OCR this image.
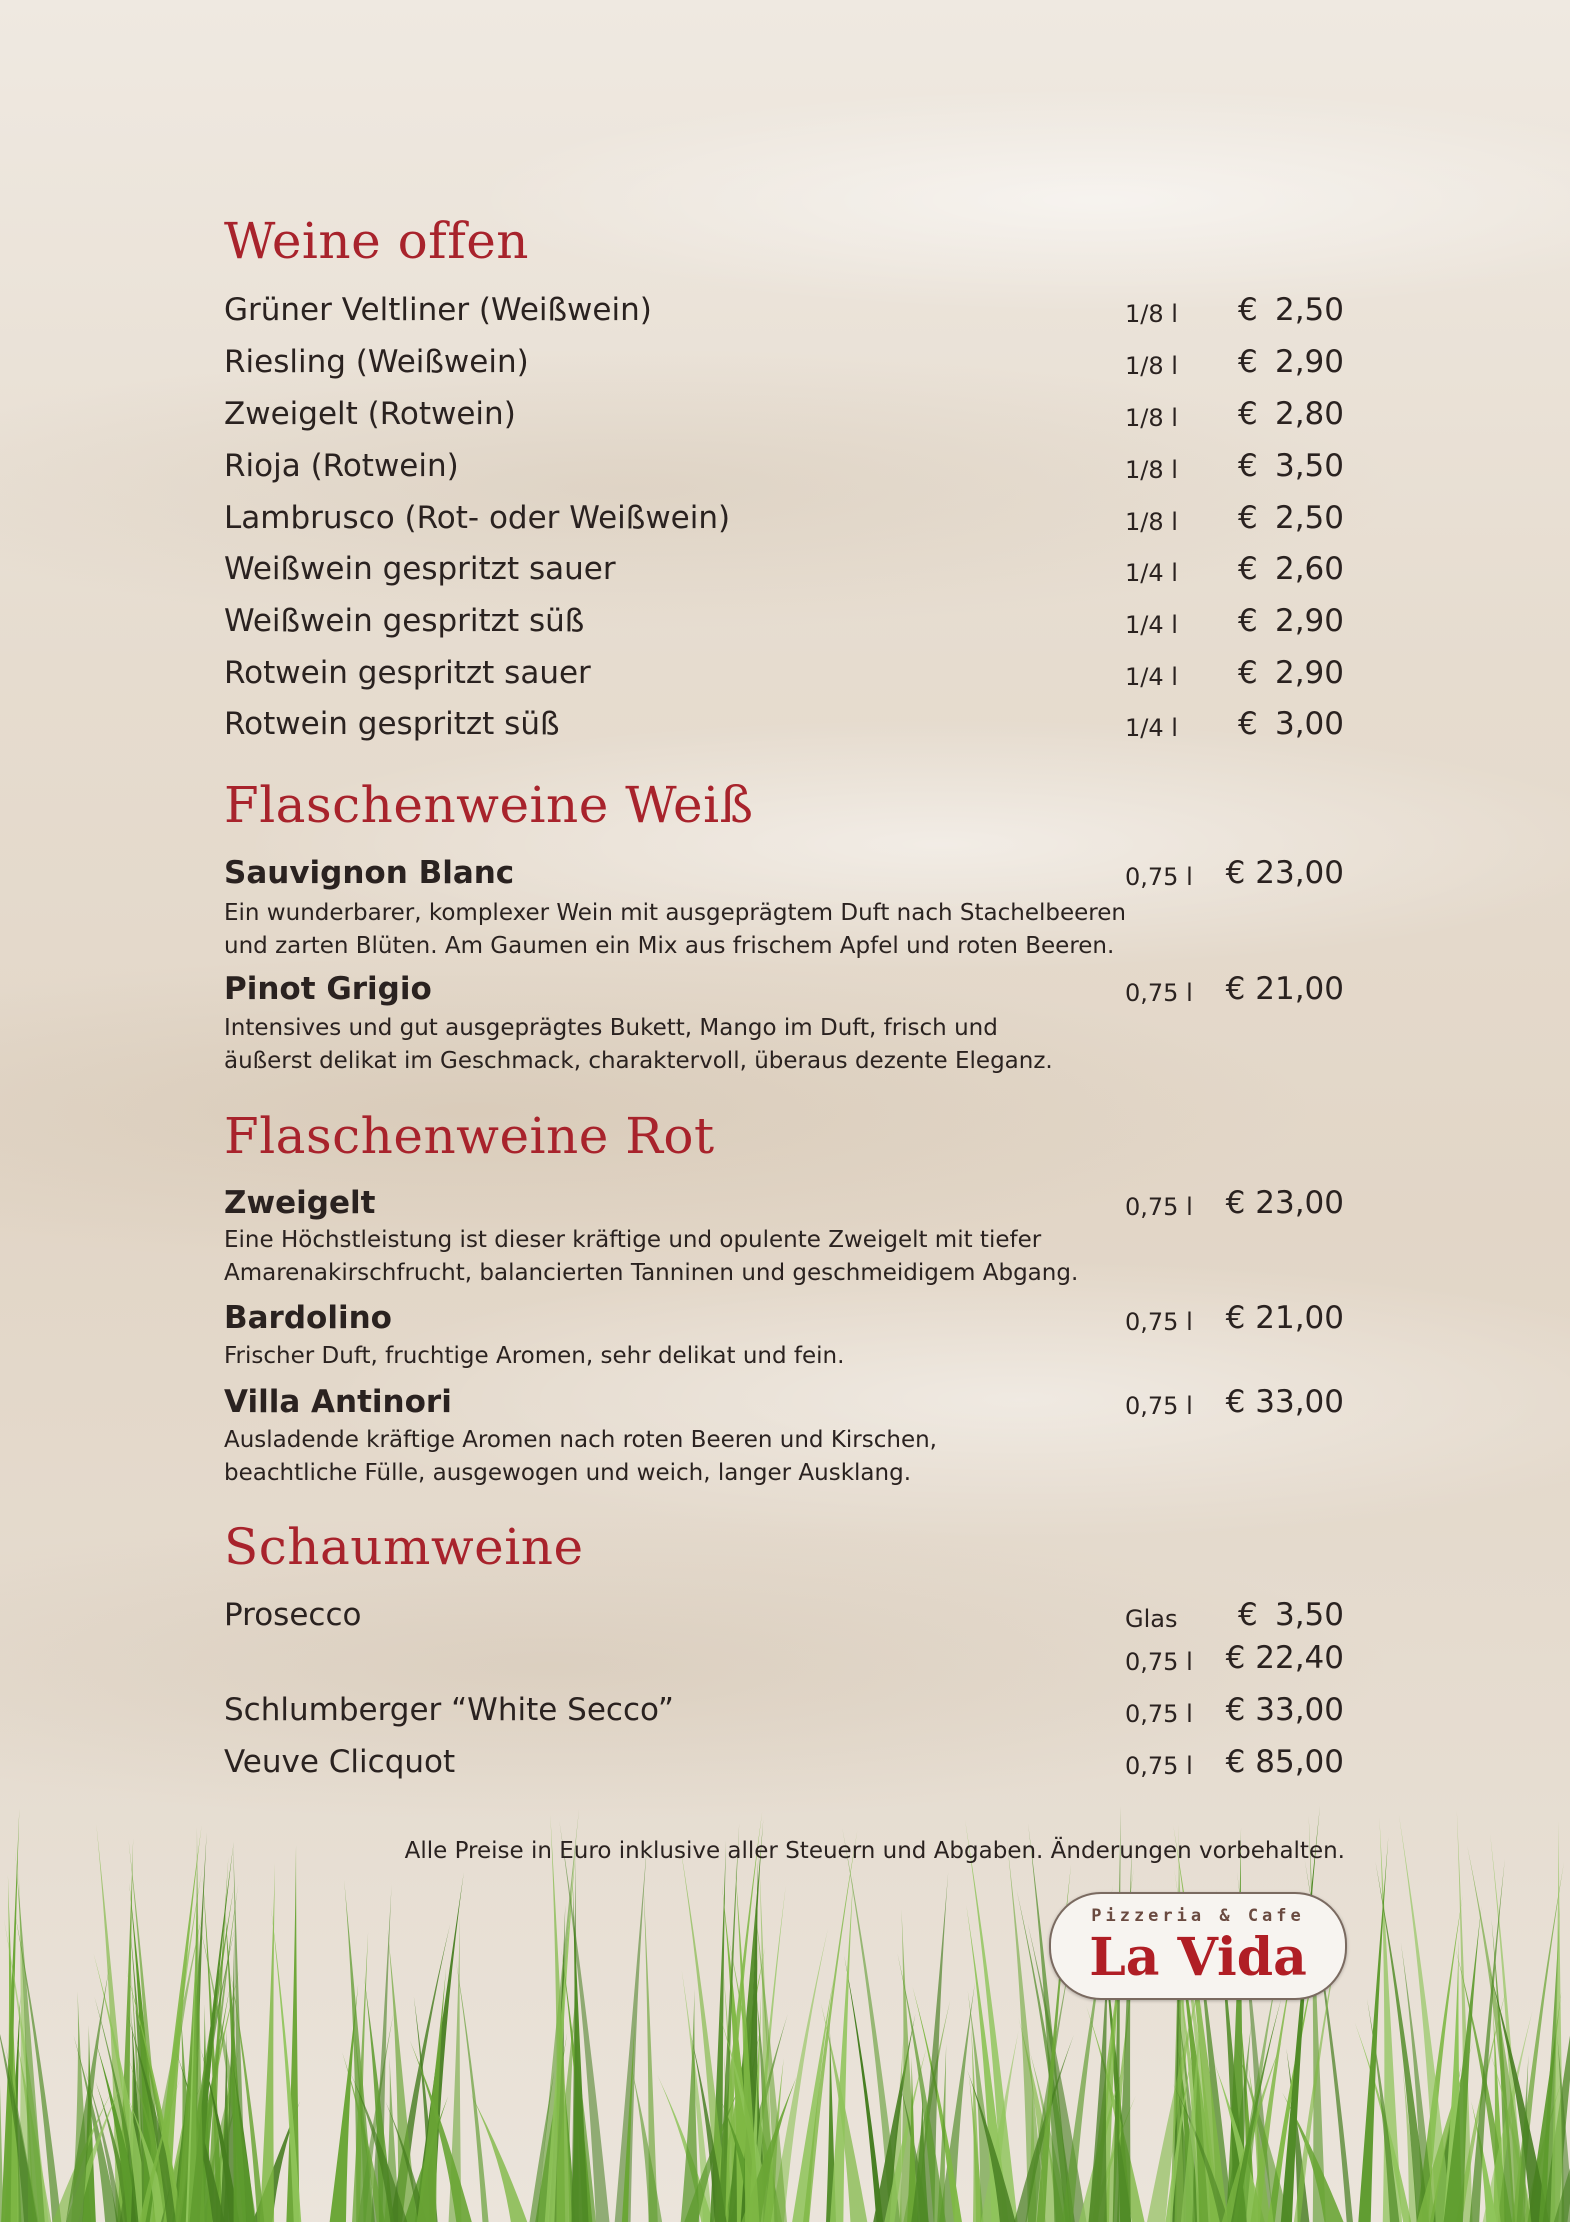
Weine offen
Grüner Veltliner (Weißwein)	1/8 l € 2,50
Riesling (Weißwein)	1/8 l € 2,90
Zweigelt (Rotwein)	1/8 l € 2,80
Rioja (Rotwein)	1/8 l € 3,50
Lambrusco (Rot- oder Weißwein)	1/8 l € 2,50
Weißwein gespritzt sauer	1/4 l € 2,60
Weißwein gespritzt süß	1/4 l € 2,90
Rotwein gespritzt sauer	1/4 l € 2,90
Rotwein gespritzt süß	1/4 l € 3,00
Flaschenweine Weiß
Sauvignon Blanc	0,75 l € 23,00
Ein wunderbarer, komplexer Wein mit ausgeprägtem Duft nach Stachelbeeren
und zarten Blüten. Am Gaumen ein Mix aus frischem Apfel und roten Beeren.
Pinot Grigio	0,75 l € 21,00
Intensives und gut ausgeprägtes Bukett, Mango im Duft, frisch und
äußerst delikat im Geschmack, charaktervoll, überaus dezente Eleganz.
Flaschenweine Rot
Zweigelt	0,75 l € 23,00
Eine Höchstleistung ist dieser kräftige und opulente Zweigelt mit tiefer
Amarenakirschfrucht, balancierten Tanninen und geschmeidigem Abgang.
Bardolino	0,75 l € 21,00
Frischer Duft, fruchtige Aromen, sehr delikat und fein.
Villa Antinori	0,75 l € 33,00
Ausladende kräftige Aromen nach roten Beeren und Kirschen,
beachtliche Fülle, ausgewogen und weich, langer Ausklang.
Schaumweine
Prosecco	Glas € 3,50
0,75 l € 22,40
Schlumberger “White Secco”	0,75 l € 33,00
Veuve Clicquot	0,75 l € 85,00
Alle Preise in Euro inklusive aller Steuern und Abgaben. Änderungen vorbehalten.
Pizzeria & Cafe
La Vida
